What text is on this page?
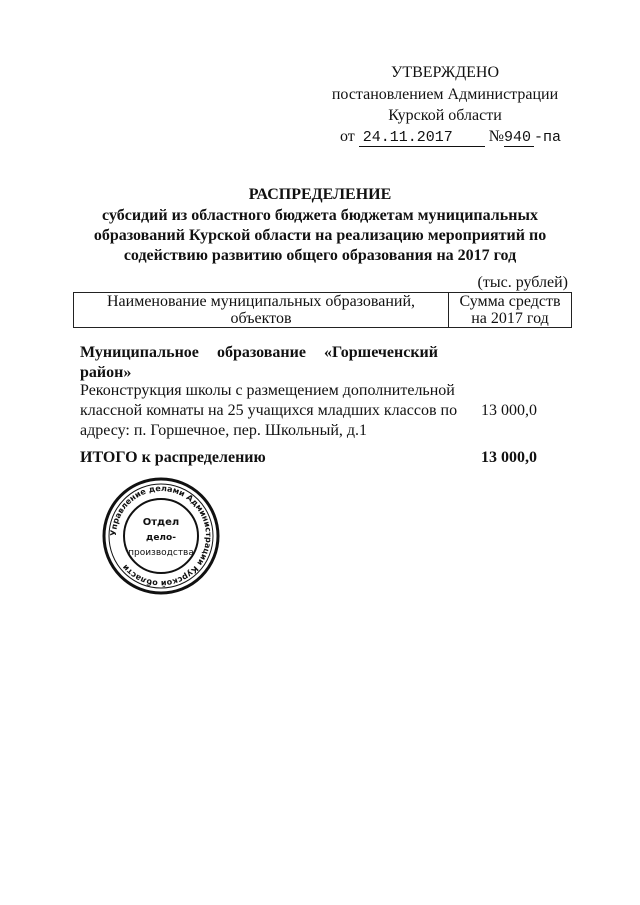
УТВЕРЖДЕНО
постановлением Администрации
Курской области
от 24.11.2017 №940 -па
РАСПРЕДЕЛЕНИЕ
субсидий из областного бюджета бюджетам муниципальных
образований Курской области на реализацию мероприятий по
содействию развитию общего образования на 2017 год
(тыс. рублей)
Наименование муниципальных образований,
объектов
Сумма средств
на 2017 год
Муниципальное образование «Горшеченский
район»
Реконструкция школы с размещением дополнительной
классной комнаты на 25 учащихся младших классов по
адресу: п. Горшечное, пер. Школьный, д.1
13 000,0
ИТОГО к распределению	13 000,0
Управление делами Администрации Курской области
Отдел
дело-
производства
